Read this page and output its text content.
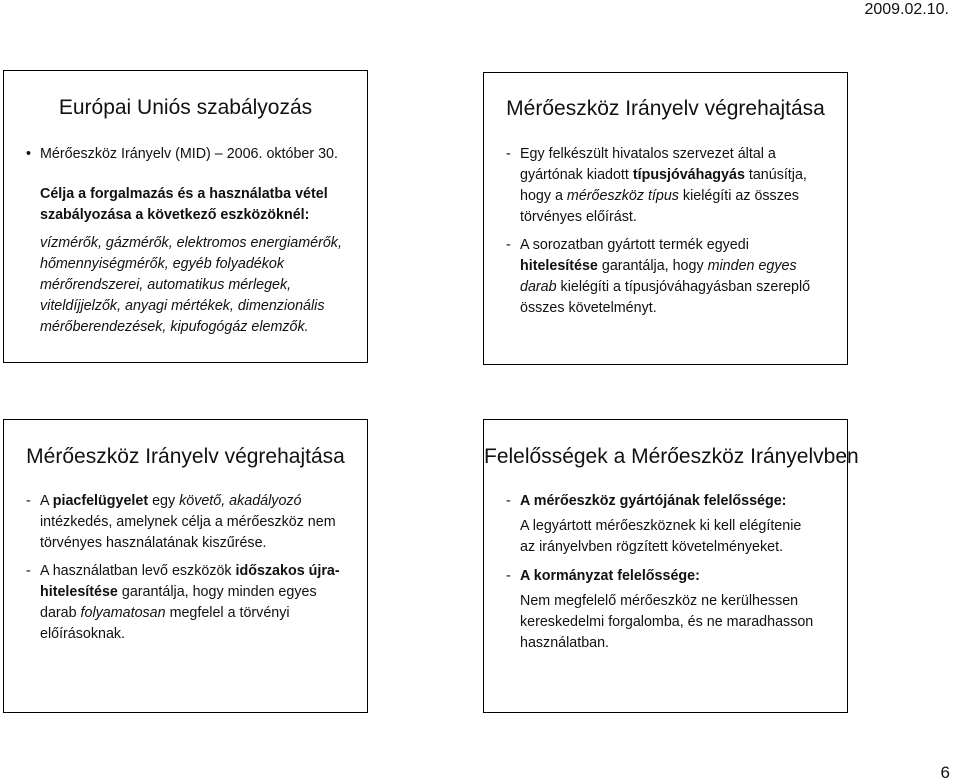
2009.02.10.
Európai Uniós szabályozás
• Mérőeszköz Irányelv (MID) – 2006. október 30.

Célja a forgalmazás és a használatba vétel
szabályozása a következő eszközöknél:

vízmérők, gázmérők, elektromos energiamérők,
hőmennyiségmérők, egyéb folyadékok
mérőrendszerei, automatikus mérlegek,
viteldíjjelzők, anyagi mértékek, dimenzionális
mérőberendezések, kipufogógáz elemzők.

Mérőeszköz Irányelv végrehajtása
- Egy felkészült hivatalos szervezet által a
gyártónak kiadott típusjóváhagyás tanúsítja,
hogy a mérőeszköz típus kielégíti az összes
törvényes előírást.
- A sorozatban gyártott termék egyedi
hitelesítése garantálja, hogy minden egyes
darab kielégíti a típusjóváhagyásban szereplő
összes követelményt.
Mérőeszköz Irányelv végrehajtása
- A piacfelügyelet egy követő, akadályozó
intézkedés, amelynek célja a mérőeszköz nem
törvényes használatának kiszűrése.
- A használatban levő eszközök időszakos újra-
hitelesítése garantálja, hogy minden egyes
darab folyamatosan megfelel a törvényi
előírásoknak.
Felelősségek a Mérőeszköz Irányelvben
- A mérőeszköz gyártójának felelőssége:
A legyártott mérőeszköznek ki kell elégítenie
az irányelvben rögzített követelményeket.
- A kormányzat felelőssége:
Nem megfelelő mérőeszköz ne kerülhessen
kereskedelmi forgalomba, és ne maradhasson
használatban.
6
